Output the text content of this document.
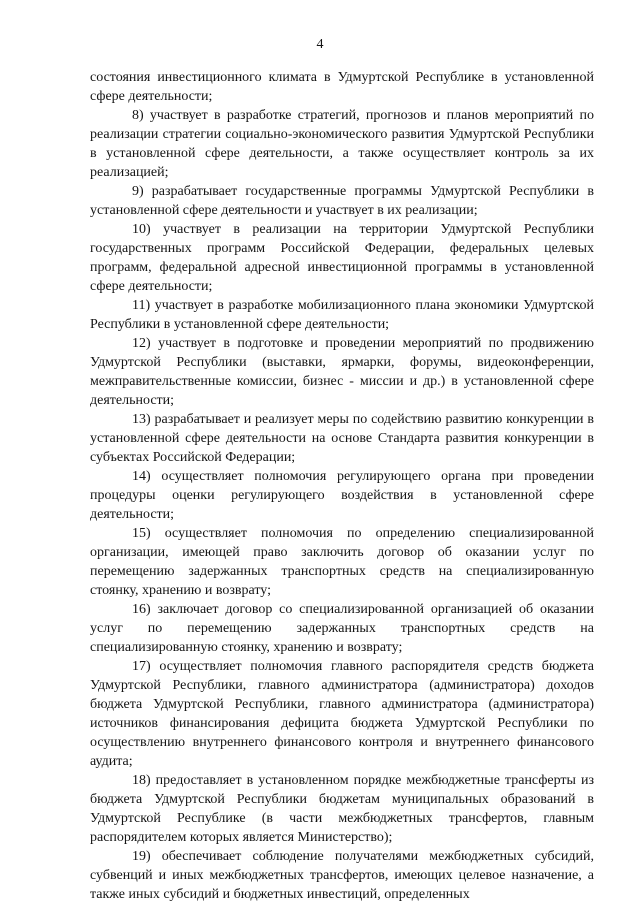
4

состояния инвестиционного климата в Удмуртской Республике в установленной сфере деятельности;

8) участвует в разработке стратегий, прогнозов и планов мероприятий по реализации стратегии социально-экономического развития Удмуртской Республики в установленной сфере деятельности, а также осуществляет контроль за их реализацией;

9) разрабатывает государственные программы Удмуртской Республики в установленной сфере деятельности и участвует в их реализации;

10) участвует в реализации на территории Удмуртской Республики государственных программ Российской Федерации, федеральных целевых программ, федеральной адресной инвестиционной программы в установленной сфере деятельности;

11) участвует в разработке мобилизационного плана экономики Удмуртской Республики в установленной сфере деятельности;

12) участвует в подготовке и проведении мероприятий по продвижению Удмуртской Республики (выставки, ярмарки, форумы, видеоконференции, межправительственные комиссии, бизнес - миссии и др.) в установленной сфере деятельности;

13) разрабатывает и реализует меры по содействию развитию конкуренции в установленной сфере деятельности на основе Стандарта развития конкуренции в субъектах Российской Федерации;

14) осуществляет полномочия регулирующего органа при проведении процедуры оценки регулирующего воздействия в установленной сфере деятельности;

15) осуществляет полномочия по определению специализированной организации, имеющей право заключить договор об оказании услуг по перемещению задержанных транспортных средств на специализированную стоянку, хранению и возврату;

16) заключает договор со специализированной организацией об оказании услуг по перемещению задержанных транспортных средств на специализированную стоянку, хранению и возврату;

17) осуществляет полномочия главного распорядителя средств бюджета Удмуртской Республики, главного администратора (администратора) доходов бюджета Удмуртской Республики, главного администратора (администратора) источников финансирования дефицита бюджета Удмуртской Республики по осуществлению внутреннего финансового контроля и внутреннего финансового аудита;

18) предоставляет в установленном порядке межбюджетные трансферты из бюджета Удмуртской Республики бюджетам муниципальных образований в Удмуртской Республике (в части межбюджетных трансфертов, главным распорядителем которых является Министерство);

19) обеспечивает соблюдение получателями межбюджетных субсидий, субвенций и иных межбюджетных трансфертов, имеющих целевое назначение, а также иных субсидий и бюджетных инвестиций, определенных
